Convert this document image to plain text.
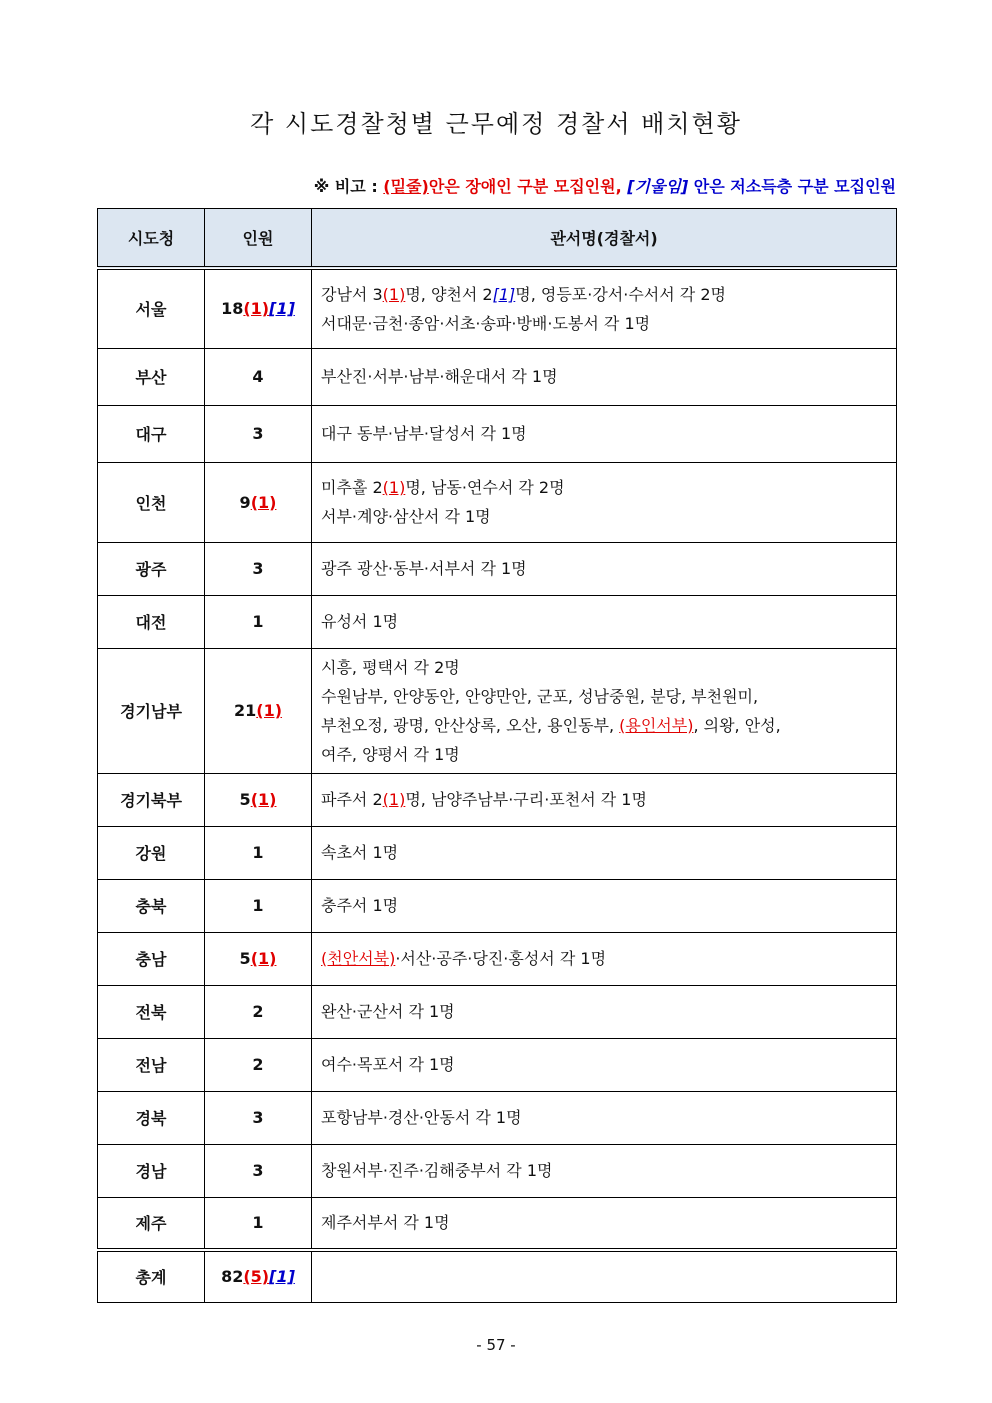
각 시도경찰청별 근무예정 경찰서 배치현황
※ 비고 : (밑줄)안은 장애인 구분 모집인원, [기울임] 안은 저소득층 구분 모집인원
시도청	인원	관서명(경찰서)
서울	18(1)[1]	강남서 3(1)명, 양천서 2[1]명, 영등포·강서·수서서 각 2명
서대문·금천·종암·서초·송파·방배·도봉서 각 1명

부산	4	부산진·서부·남부·해운대서 각 1명

대구	3	대구 동부·남부·달성서 각 1명

인천	9(1)	미추홀 2(1)명, 남동·연수서 각 2명
서부·계양·삼산서 각 1명

광주	3	광주 광산·동부·서부서 각 1명

대전	1	유성서 1명

경기남부	21(1)	시흥, 평택서 각 2명
수원남부, 안양동안, 안양만안, 군포, 성남중원, 분당, 부천원미,
부천오정, 광명, 안산상록, 오산, 용인동부, (용인서부), 의왕, 안성,
여주, 양평서 각 1명

경기북부	5(1)	파주서 2(1)명, 남양주남부·구리·포천서 각 1명

강원	1	속초서 1명

충북	1	충주서 1명

충남	5(1)	(천안서북)·서산·공주·당진·홍성서 각 1명

전북	2	완산·군산서 각 1명

전남	2	여수·목포서 각 1명

경북	3	포항남부·경산·안동서 각 1명

경남	3	창원서부·진주·김해중부서 각 1명

제주	1	제주서부서 각 1명

총계	82(5)[1]	
- 57 -
